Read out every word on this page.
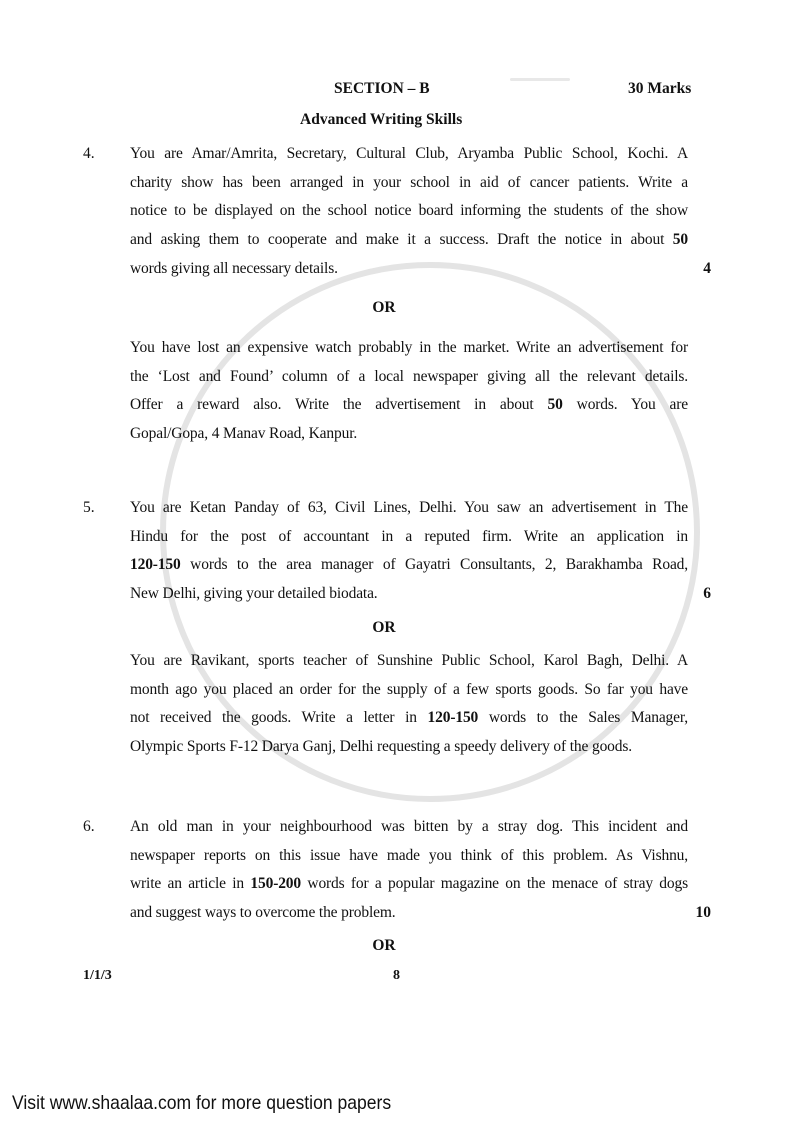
SECTION – B	30 Marks
Advanced Writing Skills
4. You are Amar/Amrita, Secretary, Cultural Club, Aryamba Public School, Kochi. A
charity show has been arranged in your school in aid of cancer patients. Write a
notice to be displayed on the school notice board informing the students of the show
and asking them to cooperate and make it a success. Draft the notice in about 50
words giving all necessary details.	4
OR
You have lost an expensive watch probably in the market. Write an advertisement for
the ‘Lost and Found’ column of a local newspaper giving all the relevant details.
Offer a reward also. Write the advertisement in about 50 words. You are
Gopal/Gopa, 4 Manav Road, Kanpur.
5. You are Ketan Panday of 63, Civil Lines, Delhi. You saw an advertisement in The
Hindu for the post of accountant in a reputed firm. Write an application in
120-150 words to the area manager of Gayatri Consultants, 2, Barakhamba Road,
New Delhi, giving your detailed biodata.	6
OR
You are Ravikant, sports teacher of Sunshine Public School, Karol Bagh, Delhi. A
month ago you placed an order for the supply of a few sports goods. So far you have
not received the goods. Write a letter in 120-150 words to the Sales Manager,
Olympic Sports F-12 Darya Ganj, Delhi requesting a speedy delivery of the goods.
6. An old man in your neighbourhood was bitten by a stray dog. This incident and
newspaper reports on this issue have made you think of this problem. As Vishnu,
write an article in 150-200 words for a popular magazine on the menace of stray dogs
and suggest ways to overcome the problem.	10
OR
1/1/3	8
Visit www.shaalaa.com for more question papers
